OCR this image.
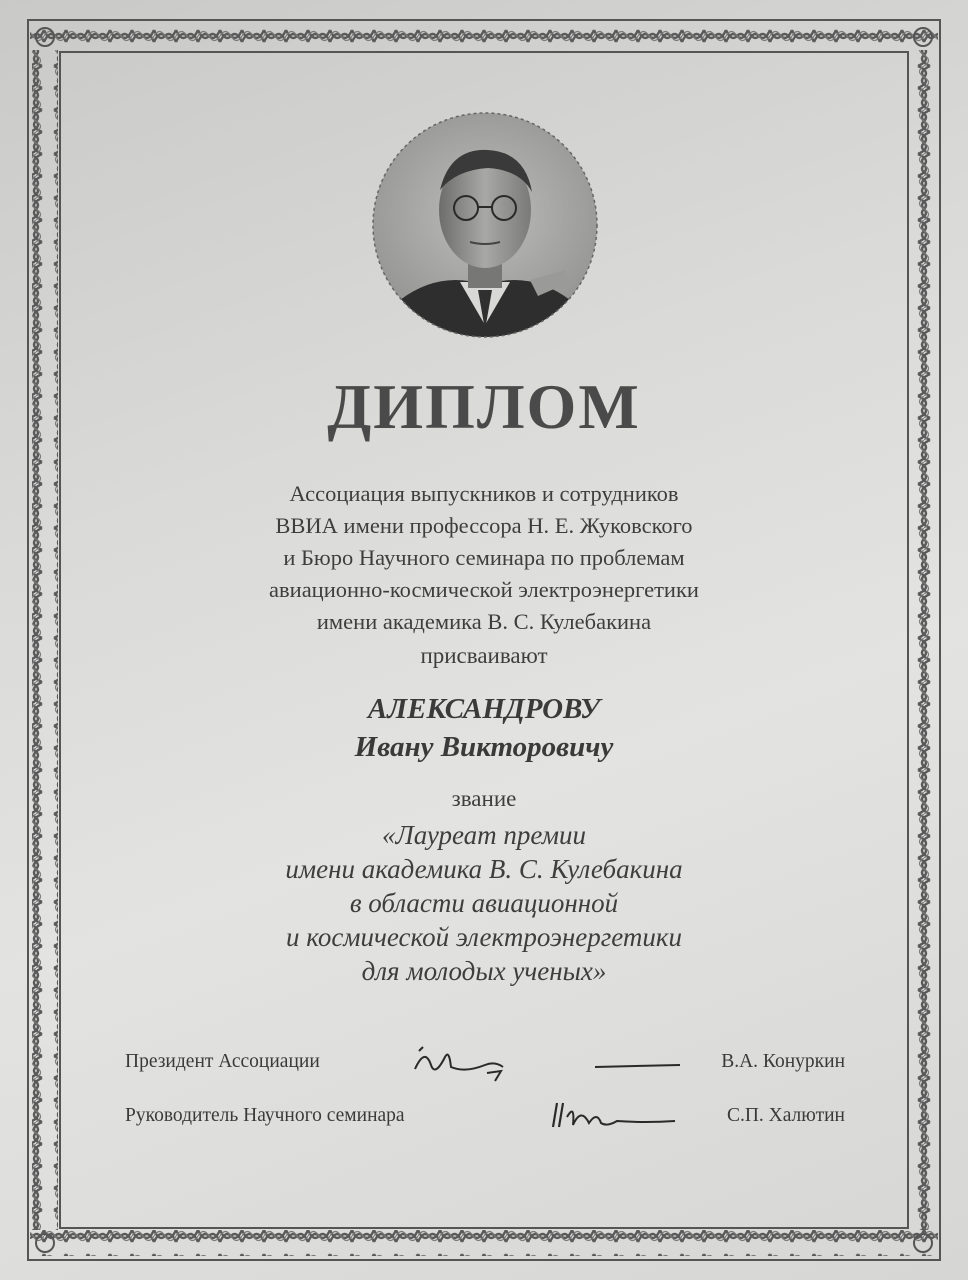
ДИПЛОМ
Ассоциация выпускников и сотрудников
ВВИА имени профессора Н. Е. Жуковского
и Бюро Научного семинара по проблемам
авиационно-космической электроэнергетики
имени академика В. С. Кулебакина
присваивают
АЛЕКСАНДРОВУ
Ивану Викторовичу
звание
«Лауреат премии
имени академика В. С. Кулебакина
в области авиационной
и космической электроэнергетики
для молодых ученых»
Президент Ассоциации	В.А. Конуркин
Руководитель Научного семинара	С.П. Халютин
